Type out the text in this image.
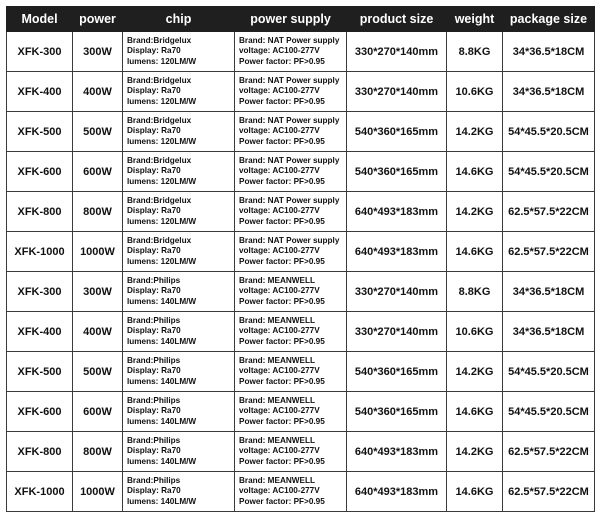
Model	power	chip	power supply	product size	weight	package size
XFK-300	300W	Brand:Bridgelux
Display: Ra70
lumens: 120LM/W	Brand: NAT Power supply
voltage: AC100-277V
Power factor: PF>0.95	330*270*140mm	8.8KG	34*36.5*18CM
XFK-400	400W	Brand:Bridgelux
Display: Ra70
lumens: 120LM/W	Brand: NAT Power supply
voltage: AC100-277V
Power factor: PF>0.95	330*270*140mm	10.6KG	34*36.5*18CM
XFK-500	500W	Brand:Bridgelux
Display: Ra70
lumens: 120LM/W	Brand: NAT Power supply
voltage: AC100-277V
Power factor: PF>0.95	540*360*165mm	14.2KG	54*45.5*20.5CM
XFK-600	600W	Brand:Bridgelux
Display: Ra70
lumens: 120LM/W	Brand: NAT Power supply
voltage: AC100-277V
Power factor: PF>0.95	540*360*165mm	14.6KG	54*45.5*20.5CM
XFK-800	800W	Brand:Bridgelux
Display: Ra70
lumens: 120LM/W	Brand: NAT Power supply
voltage: AC100-277V
Power factor: PF>0.95	640*493*183mm	14.2KG	62.5*57.5*22CM
XFK-1000	1000W	Brand:Bridgelux
Display: Ra70
lumens: 120LM/W	Brand: NAT Power supply
voltage: AC100-277V
Power factor: PF>0.95	640*493*183mm	14.6KG	62.5*57.5*22CM
XFK-300	300W	Brand:Philips
Display: Ra70
lumens: 140LM/W	Brand: MEANWELL
voltage: AC100-277V
Power factor: PF>0.95	330*270*140mm	8.8KG	34*36.5*18CM
XFK-400	400W	Brand:Philips
Display: Ra70
lumens: 140LM/W	Brand: MEANWELL
voltage: AC100-277V
Power factor: PF>0.95	330*270*140mm	10.6KG	34*36.5*18CM
XFK-500	500W	Brand:Philips
Display: Ra70
lumens: 140LM/W	Brand: MEANWELL
voltage: AC100-277V
Power factor: PF>0.95	540*360*165mm	14.2KG	54*45.5*20.5CM
XFK-600	600W	Brand:Philips
Display: Ra70
lumens: 140LM/W	Brand: MEANWELL
voltage: AC100-277V
Power factor: PF>0.95	540*360*165mm	14.6KG	54*45.5*20.5CM
XFK-800	800W	Brand:Philips
Display: Ra70
lumens: 140LM/W	Brand: MEANWELL
voltage: AC100-277V
Power factor: PF>0.95	640*493*183mm	14.2KG	62.5*57.5*22CM
XFK-1000	1000W	Brand:Philips
Display: Ra70
lumens: 140LM/W	Brand: MEANWELL
voltage: AC100-277V
Power factor: PF>0.95	640*493*183mm	14.6KG	62.5*57.5*22CM
